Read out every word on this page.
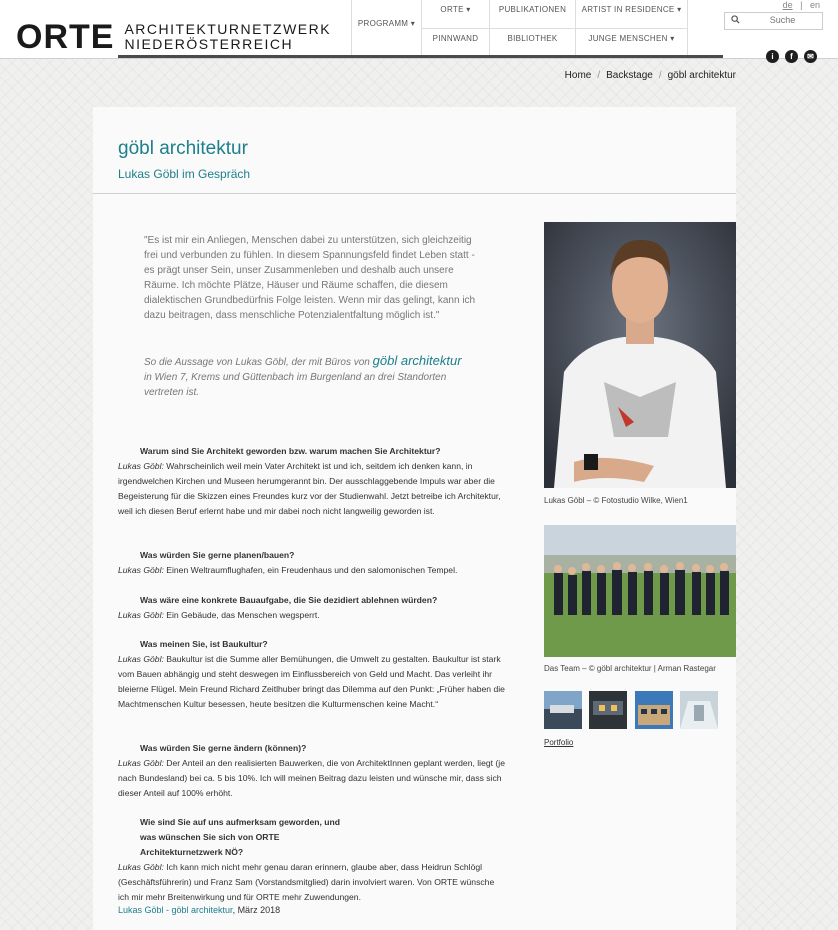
ORTE ARCHITEKTURNETZWERK
NIEDERÖSTERREICH
PROGRAMM ▾
ORTE ▾	PUBLIKATIONEN	ARTIST IN RESIDENCE ▾
PINNWAND	BIBLIOTHEK	JUNGE MENSCHEN ▾
de | en
Suche
i	f	✉
Home / Backstage / göbl architektur
göbl architektur
Lukas Göbl im Gespräch
"Es ist mir ein Anliegen, Menschen dabei zu unterstützen, sich gleichzeitig frei und verbunden zu fühlen. In diesem Spannungsfeld findet Leben statt - es prägt unser Sein, unser Zusammenleben und deshalb auch unsere Räume. Ich möchte Plätze, Häuser und Räume schaffen, die diesem dialektischen Grundbedürfnis Folge leisten. Wenn mir das gelingt, kann ich dazu beitragen, dass menschliche Potenzialentfaltung möglich ist."
So die Aussage von Lukas Göbl, der mit Büros von göbl architektur
in Wien 7, Krems und Güttenbach im Burgenland an drei Standorten vertreten ist.
Warum sind Sie Architekt geworden bzw. warum machen Sie Architektur?
Lukas Göbl: Wahrscheinlich weil mein Vater Architekt ist und ich, seitdem ich denken kann, in irgendwelchen Kirchen und Museen herumgerannt bin. Der ausschlaggebende Impuls war aber die Begeisterung für die Skizzen eines Freundes kurz vor der Studienwahl. Jetzt betreibe ich Architektur, weil ich diesen Beruf erlernt habe und mir dabei noch nicht langweilig geworden ist.
Was würden Sie gerne planen/bauen?
Lukas Göbl: Einen Weltraumflughafen, ein Freudenhaus und den salomonischen Tempel.
Was wäre eine konkrete Bauaufgabe, die Sie dezidiert ablehnen würden?
Lukas Göbl: Ein Gebäude, das Menschen wegsperrt.
Was meinen Sie, ist Baukultur?
Lukas Göbl: Baukultur ist die Summe aller Bemühungen, die Umwelt zu gestalten. Baukultur ist stark vom Bauen abhängig und steht deswegen im Einflussbereich von Geld und Macht. Das verleiht ihr bleierne Flügel. Mein Freund Richard Zeitlhuber bringt das Dilemma auf den Punkt: „Früher haben die Machtmenschen Kultur besessen, heute besitzen die Kulturmenschen keine Macht.“
Was würden Sie gerne ändern (können)?
Lukas Göbl: Der Anteil an den realisierten Bauwerken, die von ArchitektInnen geplant werden, liegt (je nach Bundesland) bei ca. 5 bis 10%. Ich will meinen Beitrag dazu leisten und wünsche mir, dass sich dieser Anteil auf 100% erhöht.
Wie sind Sie auf uns aufmerksam geworden, und was wünschen Sie sich von ORTE Architekturnetzwerk NÖ?
Lukas Göbl: Ich kann mich nicht mehr genau daran erinnern, glaube aber, dass Heidrun Schlögl (Geschäftsführerin) und Franz Sam (Vorstandsmitglied) darin involviert waren. Von ORTE wünsche ich mir mehr Breitenwirkung und für ORTE mehr Zuwendungen.
Lukas Göbl - göbl architektur, März 2018
Lukas Göbl – © Fotostudio Wilke, Wien1
Das Team – © göbl architektur | Arman Rastegar
Portfolio
